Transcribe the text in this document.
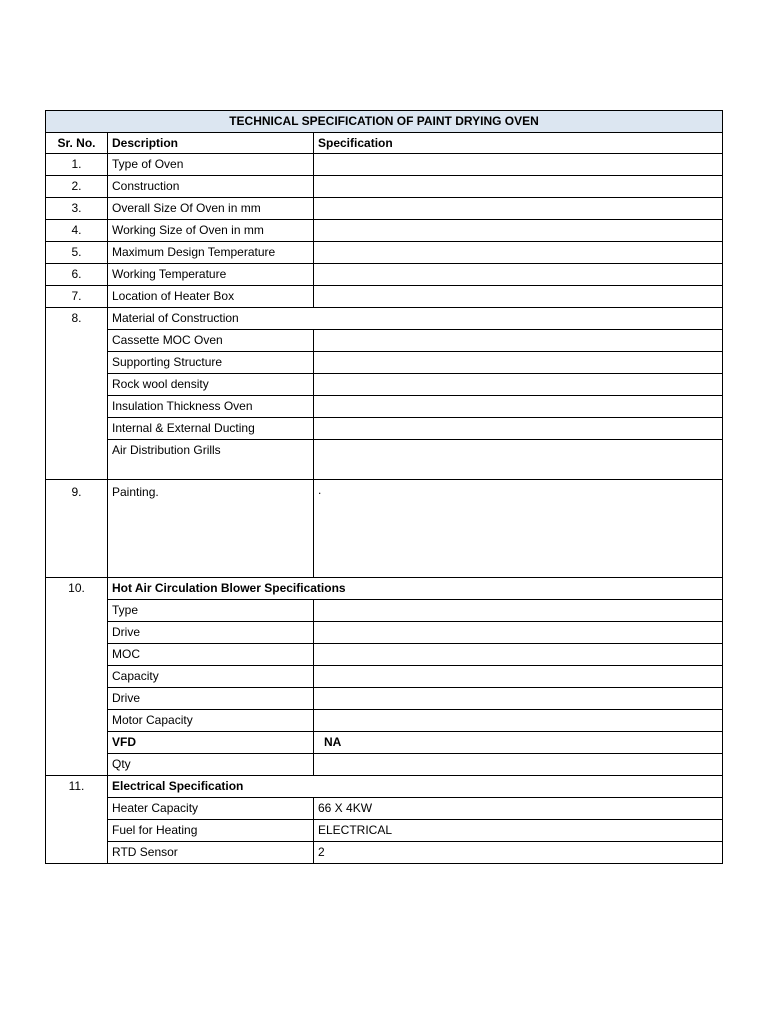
TECHNICAL SPECIFICATION OF PAINT DRYING OVEN		
Sr. No.	Description	Specification
1.	Type of Oven	
2.	Construction	
3.	Overall Size Of Oven in mm	
4.	Working Size of Oven in mm	
5.	Maximum Design Temperature	
6.	Working Temperature	
7.	Location of Heater Box	
8.	Material of Construction	
	Cassette MOC Oven	
	Supporting Structure	
	Rock wool density	
	Insulation Thickness Oven	
	Internal & External Ducting	
	Air Distribution Grills	
9.	Painting.	.
10.	Hot Air Circulation Blower Specifications	
	Type	
	Drive	
	MOC	
	Capacity	
	Drive	
	Motor Capacity	
	VFD	NA
	Qty	
11.	Electrical Specification	
	Heater Capacity	66 X 4KW
	Fuel for Heating	ELECTRICAL
	RTD Sensor	2
